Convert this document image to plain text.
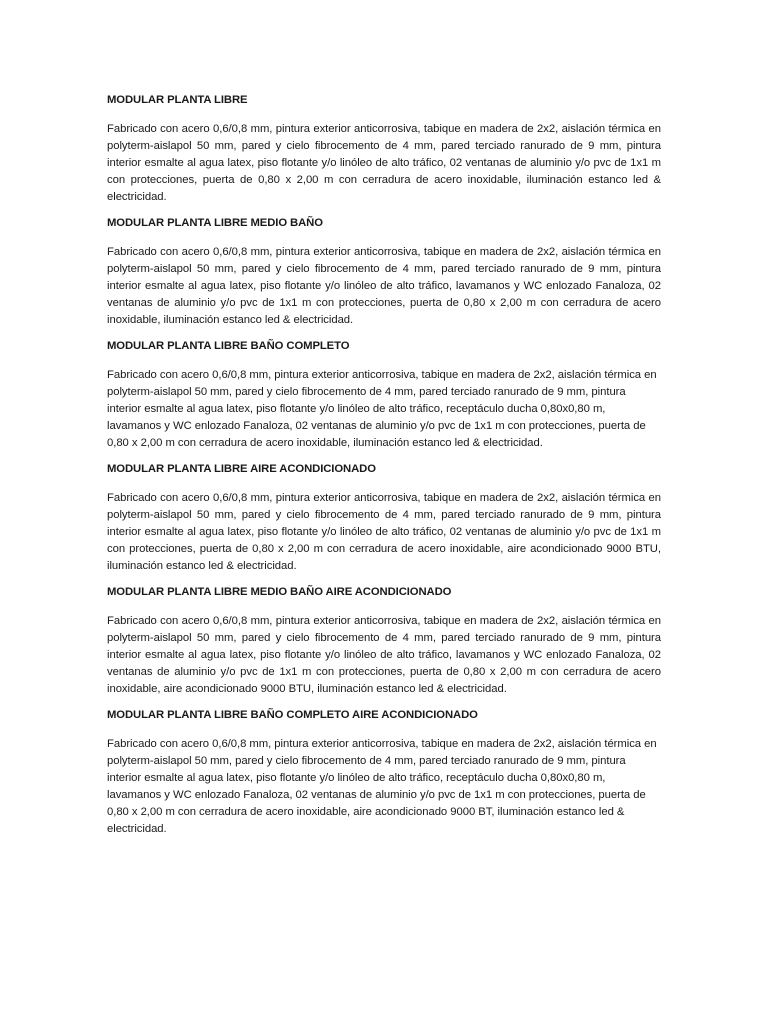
MODULAR PLANTA LIBRE

Fabricado con acero 0,6/0,8 mm, pintura exterior anticorrosiva, tabique en madera de 2x2, aislación térmica en polyterm-aislapol 50 mm, pared y cielo fibrocemento de 4 mm, pared terciado ranurado de 9 mm, pintura interior esmalte al agua latex, piso flotante y/o linóleo de alto tráfico, 02 ventanas de aluminio y/o pvc de 1x1 m con protecciones, puerta de 0,80 x 2,00 m con cerradura de acero inoxidable, iluminación estanco led & electricidad.

MODULAR PLANTA LIBRE MEDIO BAÑO

Fabricado con acero 0,6/0,8 mm, pintura exterior anticorrosiva, tabique en madera de 2x2, aislación térmica en polyterm-aislapol 50 mm, pared y cielo fibrocemento de 4 mm, pared terciado ranurado de 9 mm, pintura interior esmalte al agua latex, piso flotante y/o linóleo de alto tráfico, lavamanos y WC enlozado Fanaloza, 02 ventanas de aluminio y/o pvc de 1x1 m con protecciones, puerta de 0,80 x 2,00 m con cerradura de acero inoxidable, iluminación estanco led & electricidad.

MODULAR PLANTA LIBRE BAÑO COMPLETO

Fabricado con acero 0,6/0,8 mm, pintura exterior anticorrosiva, tabique en madera de 2x2, aislación térmica en polyterm-aislapol 50 mm, pared y cielo fibrocemento de 4 mm, pared terciado ranurado de 9 mm, pintura interior esmalte al agua latex, piso flotante y/o linóleo de alto tráfico, receptáculo ducha 0,80x0,80 m, lavamanos y WC enlozado Fanaloza, 02 ventanas de aluminio y/o pvc de 1x1 m con protecciones, puerta de 0,80 x 2,00 m con cerradura de acero inoxidable, iluminación estanco led & electricidad.

MODULAR PLANTA LIBRE AIRE ACONDICIONADO

Fabricado con acero 0,6/0,8 mm, pintura exterior anticorrosiva, tabique en madera de 2x2, aislación térmica en polyterm-aislapol 50 mm, pared y cielo fibrocemento de 4 mm, pared terciado ranurado de 9 mm, pintura interior esmalte al agua latex, piso flotante y/o linóleo de alto tráfico, 02 ventanas de aluminio y/o pvc de 1x1 m con protecciones, puerta de 0,80 x 2,00 m con cerradura de acero inoxidable, aire acondicionado 9000 BTU, iluminación estanco led & electricidad.

MODULAR PLANTA LIBRE MEDIO BAÑO AIRE ACONDICIONADO

Fabricado con acero 0,6/0,8 mm, pintura exterior anticorrosiva, tabique en madera de 2x2, aislación térmica en polyterm-aislapol 50 mm, pared y cielo fibrocemento de 4 mm, pared terciado ranurado de 9 mm, pintura interior esmalte al agua latex, piso flotante y/o linóleo de alto tráfico, lavamanos y WC enlozado Fanaloza, 02 ventanas de aluminio y/o pvc de 1x1 m con protecciones, puerta de 0,80 x 2,00 m con cerradura de acero inoxidable, aire acondicionado 9000 BTU, iluminación estanco led & electricidad.

MODULAR PLANTA LIBRE BAÑO COMPLETO AIRE ACONDICIONADO

Fabricado con acero 0,6/0,8 mm, pintura exterior anticorrosiva, tabique en madera de 2x2, aislación térmica en polyterm-aislapol 50 mm, pared y cielo fibrocemento de 4 mm, pared terciado ranurado de 9 mm, pintura interior esmalte al agua latex, piso flotante y/o linóleo de alto tráfico, receptáculo ducha 0,80x0,80 m, lavamanos y WC enlozado Fanaloza, 02 ventanas de aluminio y/o pvc de 1x1 m con protecciones, puerta de 0,80 x 2,00 m con cerradura de acero inoxidable, aire acondicionado 9000 BT, iluminación estanco led & electricidad.
